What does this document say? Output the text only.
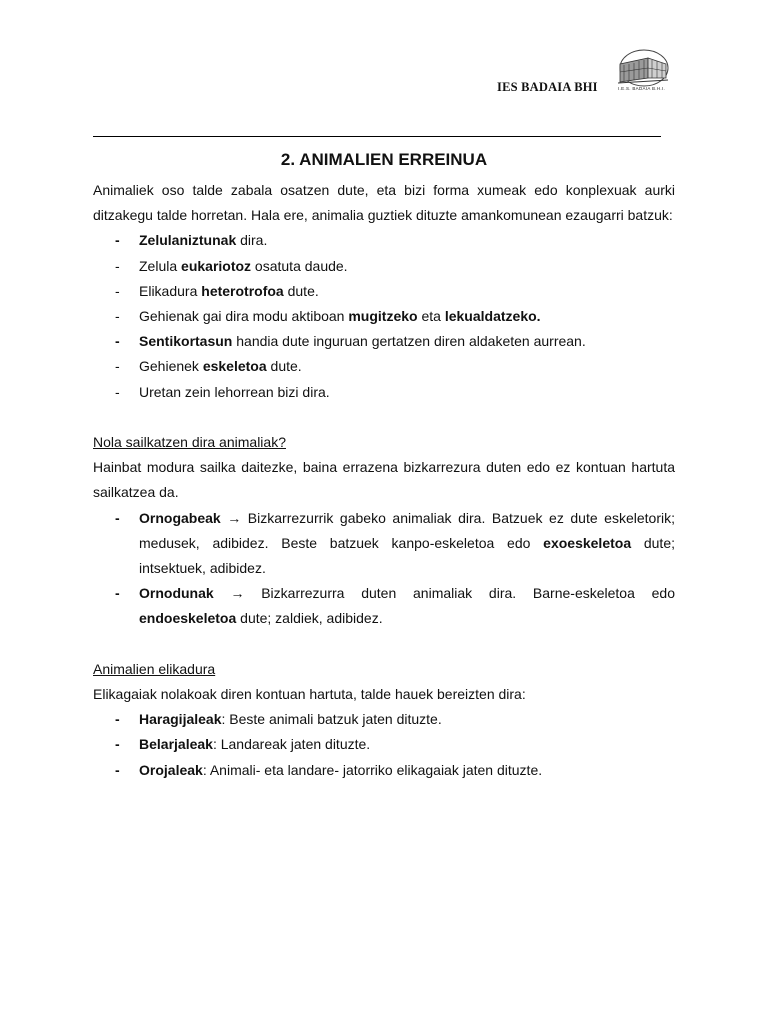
IES BADAIA BHI	I.E.S. BADAIA B.H.I.
2. ANIMALIEN ERREINUA

Animaliek oso talde zabala osatzen dute, eta bizi forma xumeak edo konplexuak aurki ditzakegu talde horretan. Hala ere, animalia guztiek dituzte amankomunean ezaugarri batzuk:

- Zelulaniztunak dira.
- Zelula eukariotoz osatuta daude.
- Elikadura heterotrofoa dute.
- Gehienak gai dira modu aktiboan mugitzeko eta lekualdatzeko.
- Sentikortasun handia dute inguruan gertatzen diren aldaketen aurrean.
- Gehienek eskeletoa dute.
- Uretan zein lehorrean bizi dira.

Nola sailkatzen dira animaliak?

Hainbat modura sailka daitezke, baina errazena bizkarrezura duten edo ez kontuan hartuta sailkatzea da.

- Ornogabeak → Bizkarrezurrik gabeko animaliak dira. Batzuek ez dute eskeletorik; medusek, adibidez. Beste batzuek kanpo-eskeletoa edo exoeskeletoa dute; intsektuek, adibidez.
- Ornodunak → Bizkarrezurra duten animaliak dira. Barne-eskeletoa edo endoeskeletoa dute; zaldiek, adibidez.

Animalien elikadura

Elikagaiak nolakoak diren kontuan hartuta, talde hauek bereizten dira:

- Haragijaleak: Beste animali batzuk jaten dituzte.
- Belarjaleak: Landareak jaten dituzte.
- Orojaleak: Animali- eta landare- jatorriko elikagaiak jaten dituzte.
